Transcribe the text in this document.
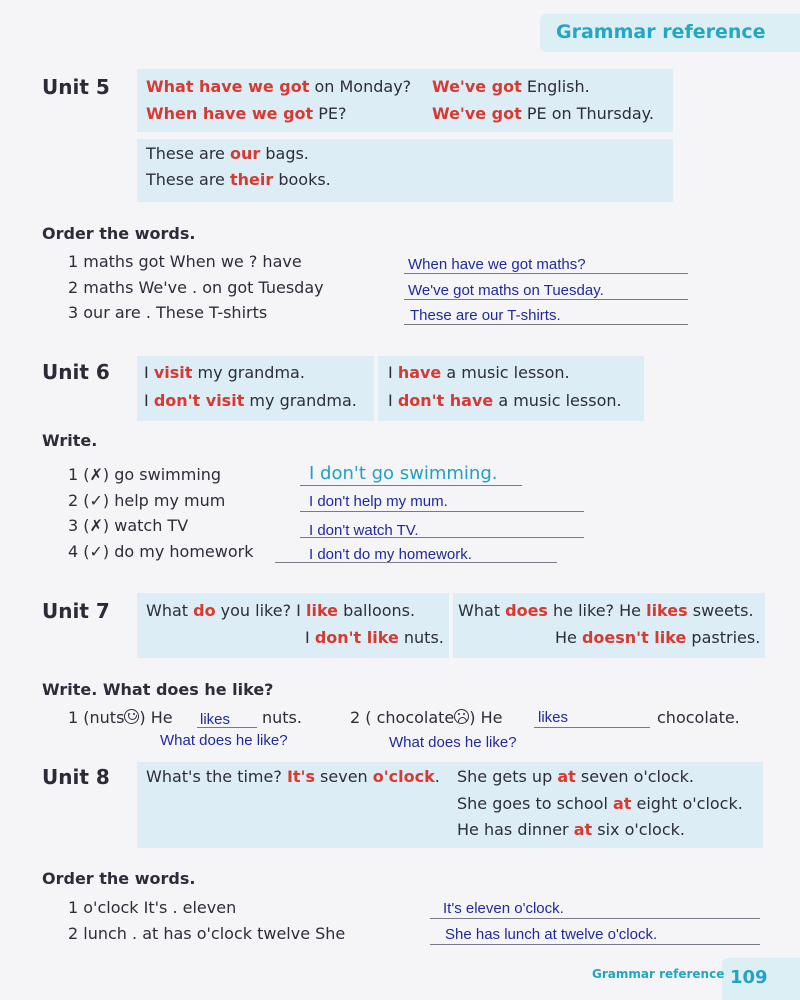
Grammar reference
Unit 5 What have we got on Monday? We've got English.
When have we got PE?	We've got PE on Thursday.
These are our bags.
These are their books.
Order the words.
1 maths got When we ? have
2 maths We've . on got Tuesday
3 our are . These T-shirts
When have we got maths?
We've got maths on Tuesday.
These are our T-shirts.
Unit 6 I visit my grandma.
I don't visit my grandma.
I have a music lesson.
I don't have a music lesson.
Write.
1 (✗) go swimming
2 (✓) help my mum
3 (✗) watch TV
4 (✓) do my homework
I don't go swimming.
I don't help my mum.
I don't watch TV.
I don't do my homework.
Unit 7 What do you like? I like balloons.
I don't like nuts.
What does he like? He likes sweets.
He doesn't like pastries.
Write. What does he like?
1 (nuts ) He likes nuts.
What does he like?
2 ( chocolate ) He likes	chocolate.
What does he like?
Unit 8 What's the time? It's seven o'clock. She gets up at seven o'clock.
She goes to school at eight o'clock.
He has dinner at six o'clock.
Order the words.
1 o'clock It's . eleven
2 lunch . at has o'clock twelve She
It's eleven o'clock.
She has lunch at twelve o'clock.
Grammar reference 109
